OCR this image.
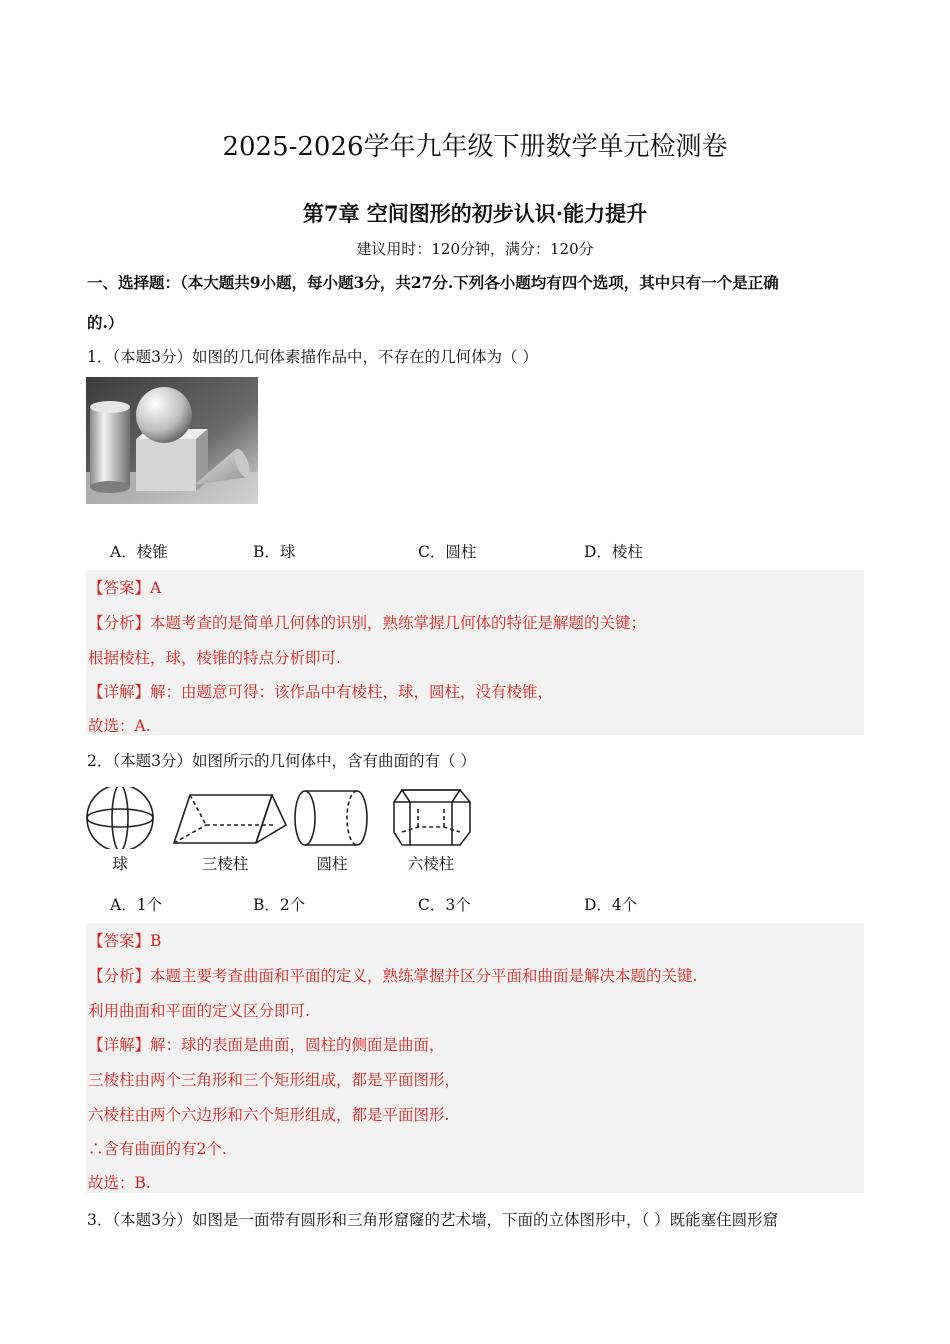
2025-2026学年九年级下册数学单元检测卷
第7章 空间图形的初步认识·能力提升
建议用时：120分钟，满分：120分
一、选择题：（本大题共9小题，每小题3分，共27分.下列各小题均有四个选项，其中只有一个是正确
的.）
1．（本题3分）如图的几何体素描作品中，不存在的几何体为（ ）
A．棱锥	B．球	C．圆柱	D．棱柱
【答案】A
【分析】本题考查的是简单几何体的识别，熟练掌握几何体的特征是解题的关键；
根据棱柱，球，棱锥的特点分析即可.
【详解】解：由题意可得：该作品中有棱柱，球，圆柱，没有棱锥，
故选：A.
2．（本题3分）如图所示的几何体中，含有曲面的有（ ）
球	三棱柱	圆柱	六棱柱
A．1个	B．2个	C．3个	D．4个
【答案】B
【分析】本题主要考查曲面和平面的定义，熟练掌握并区分平面和曲面是解决本题的关键.
利用曲面和平面的定义区分即可.
【详解】解：球的表面是曲面，圆柱的侧面是曲面，
三棱柱由两个三角形和三个矩形组成，都是平面图形，
六棱柱由两个六边形和六个矩形组成，都是平面图形.
∴含有曲面的有2个.
故选：B.
3．（本题3分）如图是一面带有圆形和三角形窟窿的艺术墙，下面的立体图形中，（ ）既能塞住圆形窟
